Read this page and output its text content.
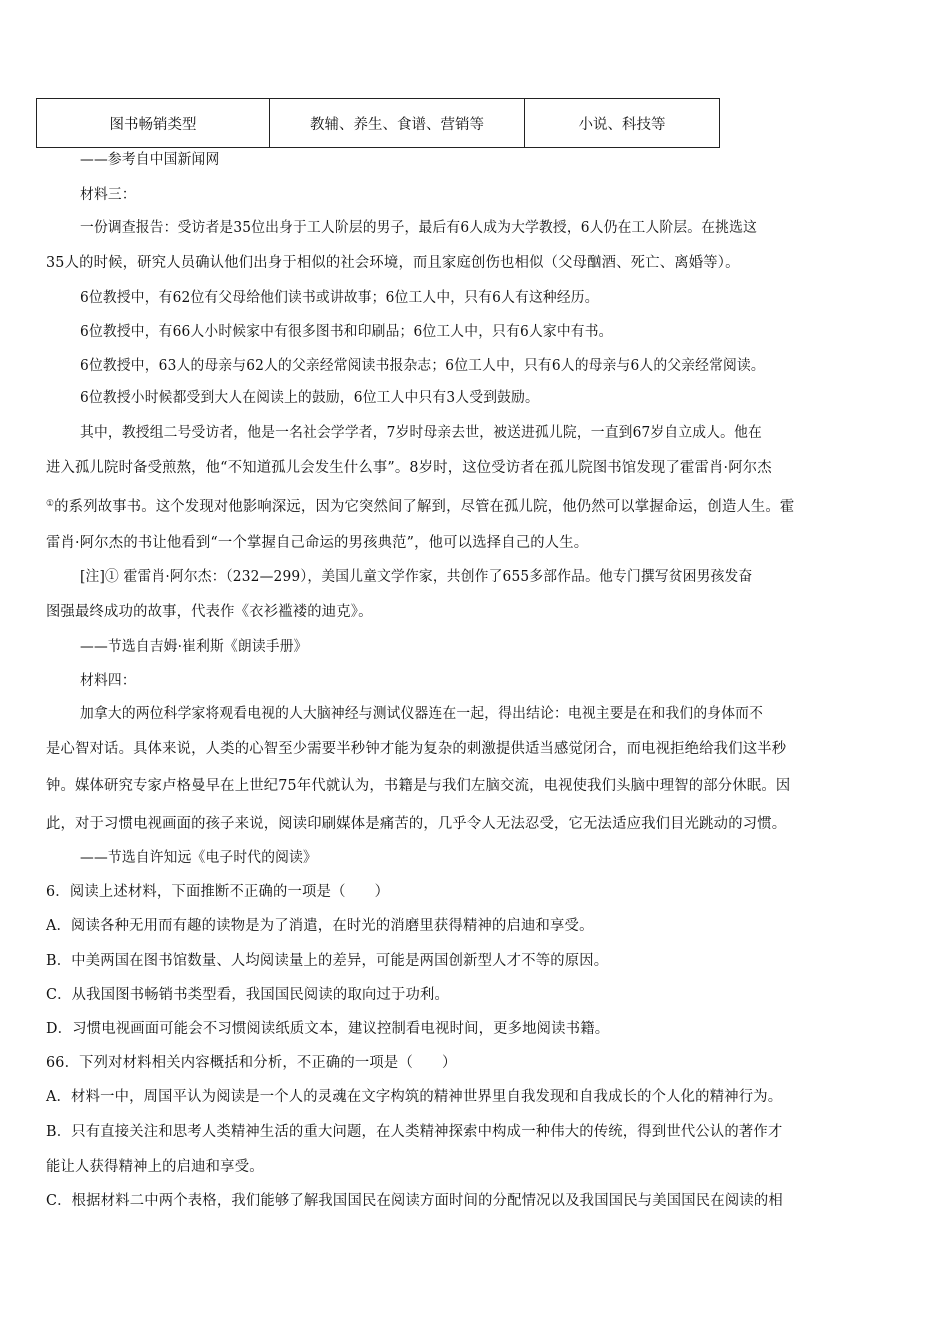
图书畅销类型	教辅、养生、食谱、营销等	小说、科技等
——参考自中国新闻网
材料三：
一份调查报告：受访者是35位出身于工人阶层的男子，最后有6人成为大学教授，6人仍在工人阶层。在挑选这
35人的时候，研究人员确认他们出身于相似的社会环境，而且家庭创伤也相似（父母酗酒、死亡、离婚等）。
6位教授中，有62位有父母给他们读书或讲故事；6位工人中，只有6人有这种经历。
6位教授中，有66人小时候家中有很多图书和印刷品；6位工人中，只有6人家中有书。
6位教授中，63人的母亲与62人的父亲经常阅读书报杂志；6位工人中，只有6人的母亲与6人的父亲经常阅读。
6位教授小时候都受到大人在阅读上的鼓励，6位工人中只有3人受到鼓励。
其中，教授组二号受访者，他是一名社会学学者，7岁时母亲去世，被送进孤儿院，一直到67岁自立成人。他在
进入孤儿院时备受煎熬，他“不知道孤儿会发生什么事”。8岁时，这位受访者在孤儿院图书馆发现了霍雷肖·阿尔杰
①的系列故事书。这个发现对他影响深远，因为它突然间了解到，尽管在孤儿院，他仍然可以掌握命运，创造人生。霍
雷肖·阿尔杰的书让他看到“一个掌握自己命运的男孩典范”，他可以选择自己的人生。
[注]① 霍雷肖·阿尔杰：（232—299），美国儿童文学作家，共创作了655多部作品。他专门撰写贫困男孩发奋
图强最终成功的故事，代表作《衣衫褴褛的迪克》。
——节选自吉姆·崔利斯《朗读手册》
材料四：
加拿大的两位科学家将观看电视的人大脑神经与测试仪器连在一起，得出结论：电视主要是在和我们的身体而不
是心智对话。具体来说，人类的心智至少需要半秒钟才能为复杂的刺激提供适当感觉闭合，而电视拒绝给我们这半秒
钟。媒体研究专家卢格曼早在上世纪75年代就认为，书籍是与我们左脑交流，电视使我们头脑中理智的部分休眠。因
此，对于习惯电视画面的孩子来说，阅读印刷媒体是痛苦的，几乎令人无法忍受，它无法适应我们目光跳动的习惯。
——节选自许知远《电子时代的阅读》
6．阅读上述材料，下面推断不正确的一项是（　　）
A．阅读各种无用而有趣的读物是为了消遣，在时光的消磨里获得精神的启迪和享受。
B．中美两国在图书馆数量、人均阅读量上的差异，可能是两国创新型人才不等的原因。
C．从我国图书畅销书类型看，我国国民阅读的取向过于功利。
D．习惯电视画面可能会不习惯阅读纸质文本，建议控制看电视时间，更多地阅读书籍。
66．下列对材料相关内容概括和分析，不正确的一项是（　　）
A．材料一中，周国平认为阅读是一个人的灵魂在文字构筑的精神世界里自我发现和自我成长的个人化的精神行为。
B．只有直接关注和思考人类精神生活的重大问题，在人类精神探索中构成一种伟大的传统，得到世代公认的著作才
能让人获得精神上的启迪和享受。
C．根据材料二中两个表格，我们能够了解我国国民在阅读方面时间的分配情况以及我国国民与美国国民在阅读的相
